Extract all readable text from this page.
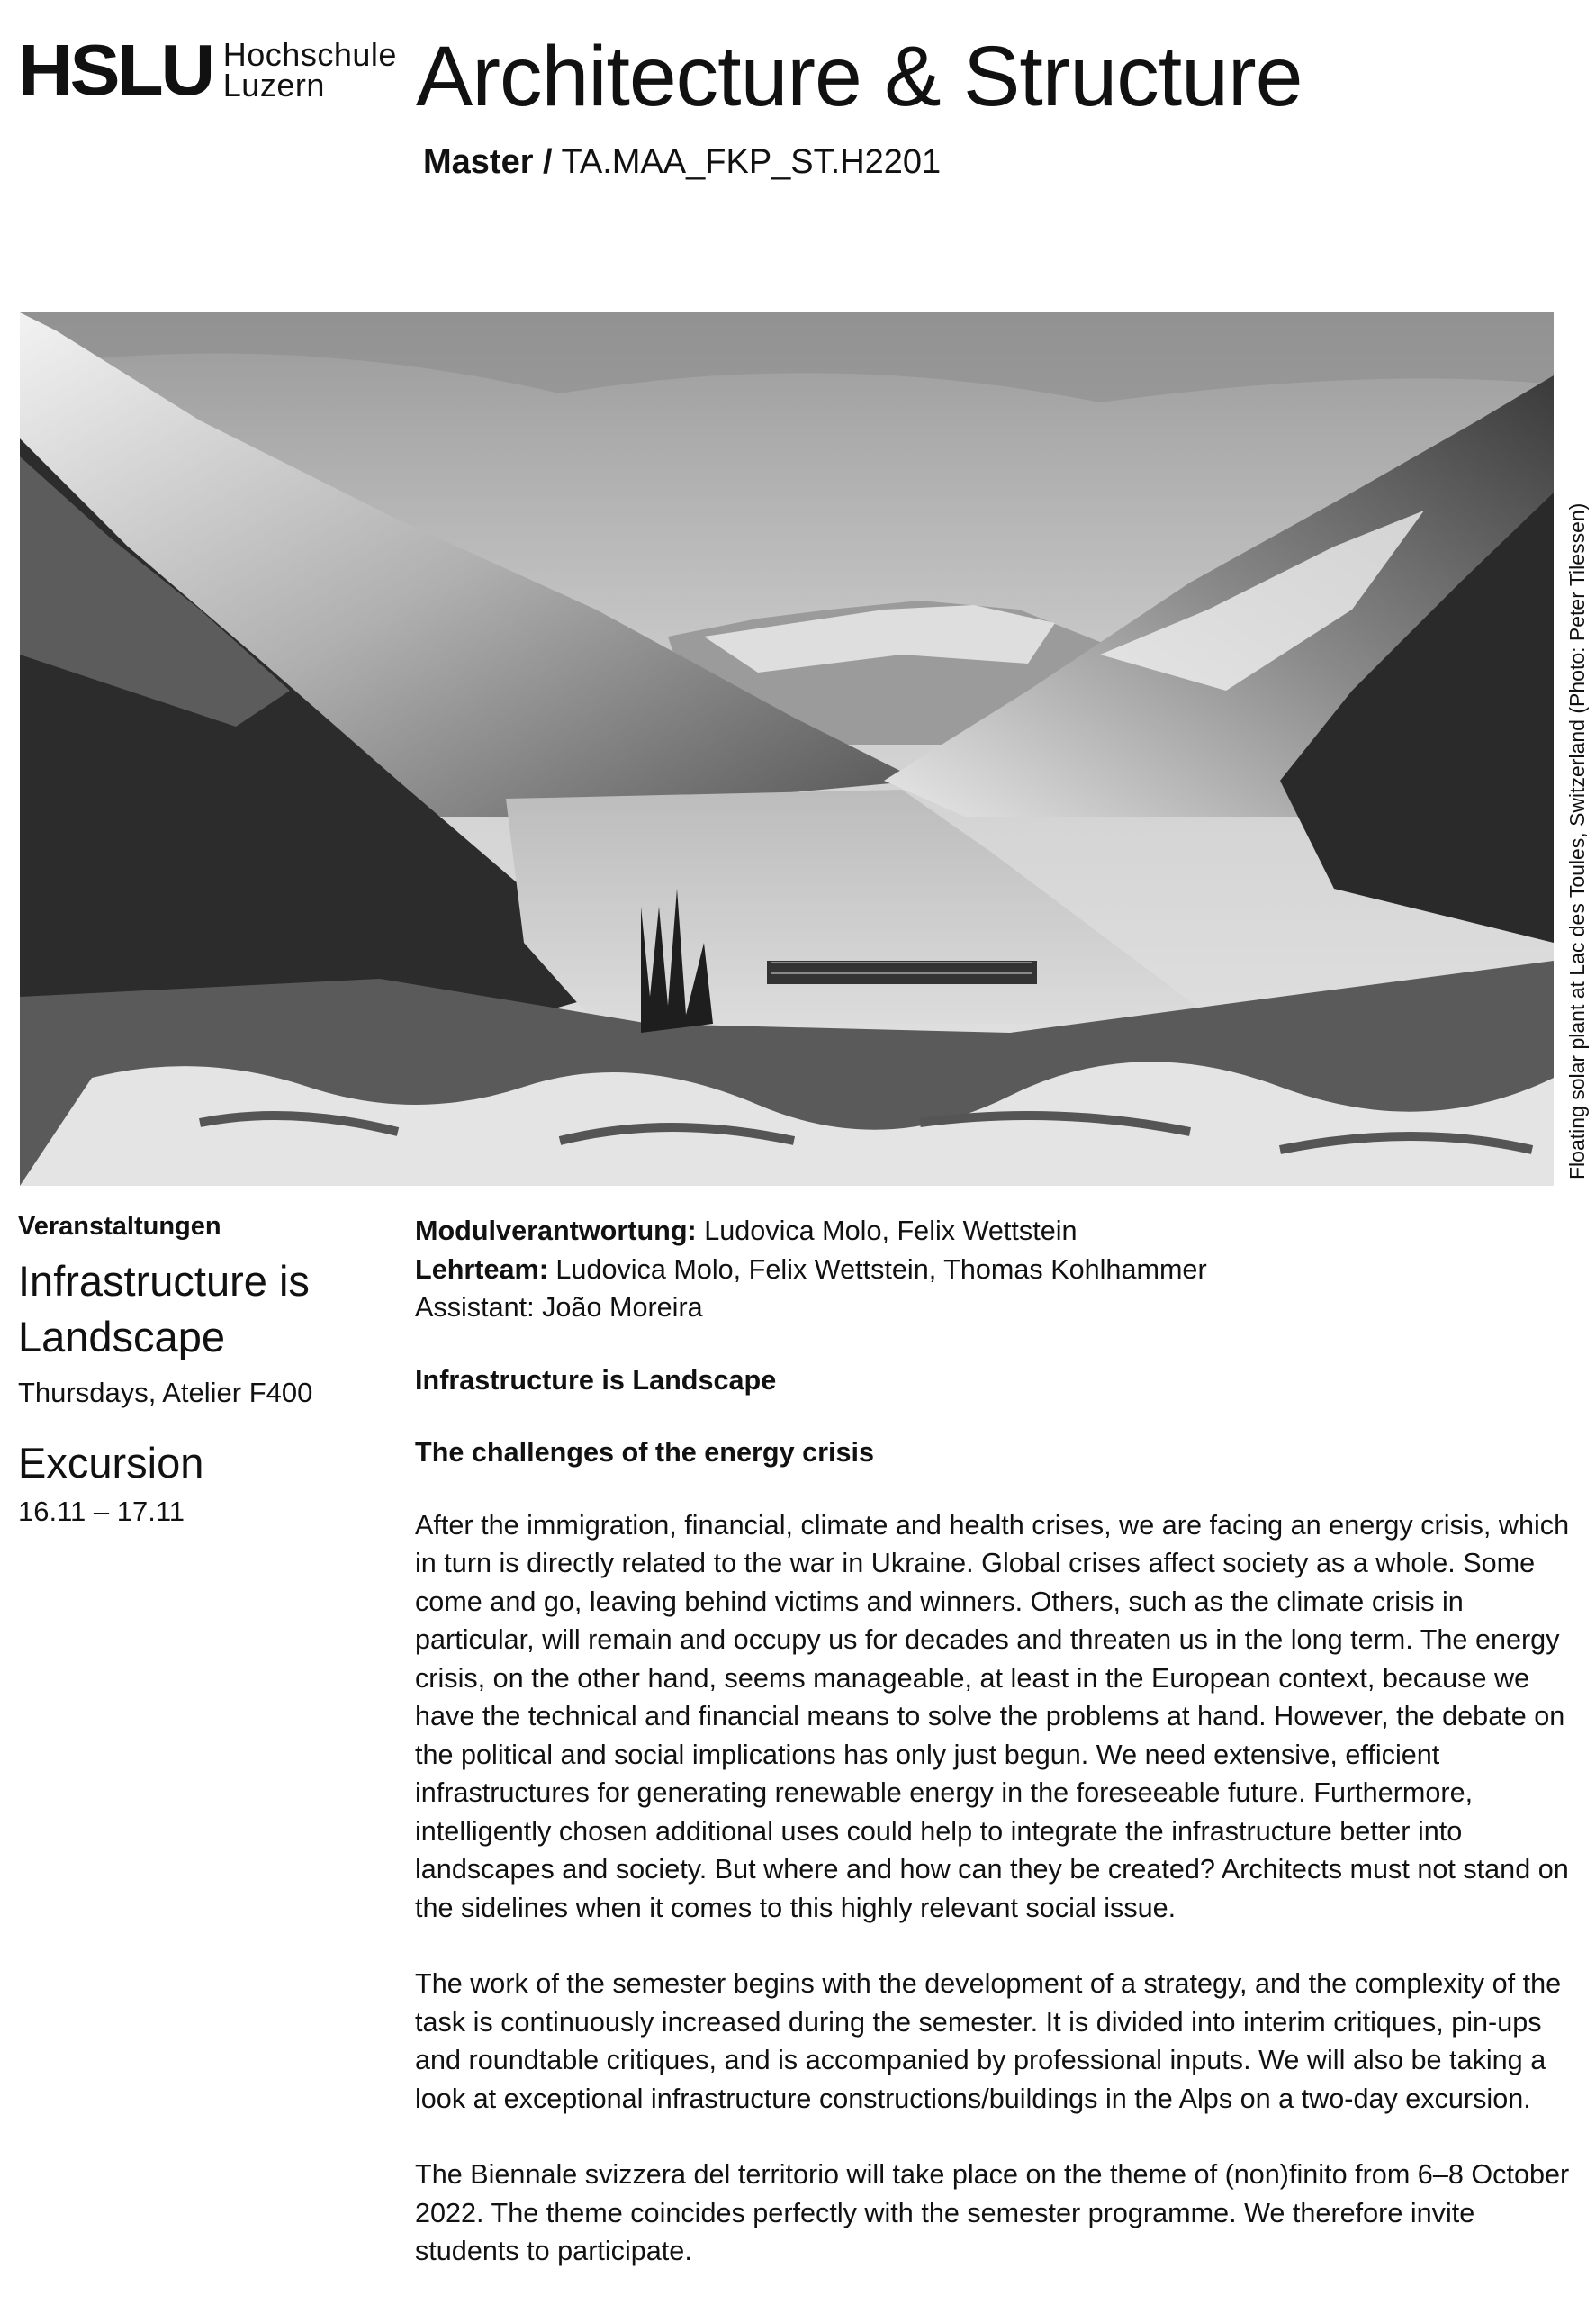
HSLU Hochschule
Luzern	Architecture & Structure
Master / TA.MAA_FKP_ST.H2201
Floating solar plant at Lac des Toules, Switzerland (Photo: Peter Tilessen)
Veranstaltungen
Infrastructure is Landscape
Thursdays, Atelier F400
Excursion
16.11 – 17.11

Modulverantwortung: Ludovica Molo, Felix Wettstein

Lehrteam: Ludovica Molo, Felix Wettstein, Thomas Kohlhammer

Assistant: João Moreira

Infrastructure is Landscape

The challenges of the energy crisis

After the immigration, financial, climate and health crises, we are facing an energy crisis, which in turn is directly related to the war in Ukraine. Global crises affect society as a whole. Some come and go, leaving behind victims and winners. Others, such as the climate crisis in particular, will remain and occupy us for decades and threaten us in the long term. The energy crisis, on the other hand, seems manageable, at least in the European context, because we have the technical and financial means to solve the problems at hand. However, the debate on the political and social implications has only just begun. We need extensive, efficient infrastructures for generating renewable energy in the foreseeable future. Furthermore, intelligently chosen additional uses could help to integrate the infrastructure better into landscapes and society. But where and how can they be created? Architects must not stand on the sidelines when it comes to this highly relevant social issue.

The work of the semester begins with the development of a strategy, and the complexity of the task is continuously increased during the semester. It is divided into interim critiques, pin-ups and roundtable critiques, and is accompanied by professional inputs. We will also be taking a look at exceptional infrastructure constructions/buildings in the Alps on a two-day excursion.

The Biennale svizzera del territorio will take place on the theme of (non)finito from 6–8 October 2022. The theme coincides perfectly with the semester programme. We therefore invite students to participate.
